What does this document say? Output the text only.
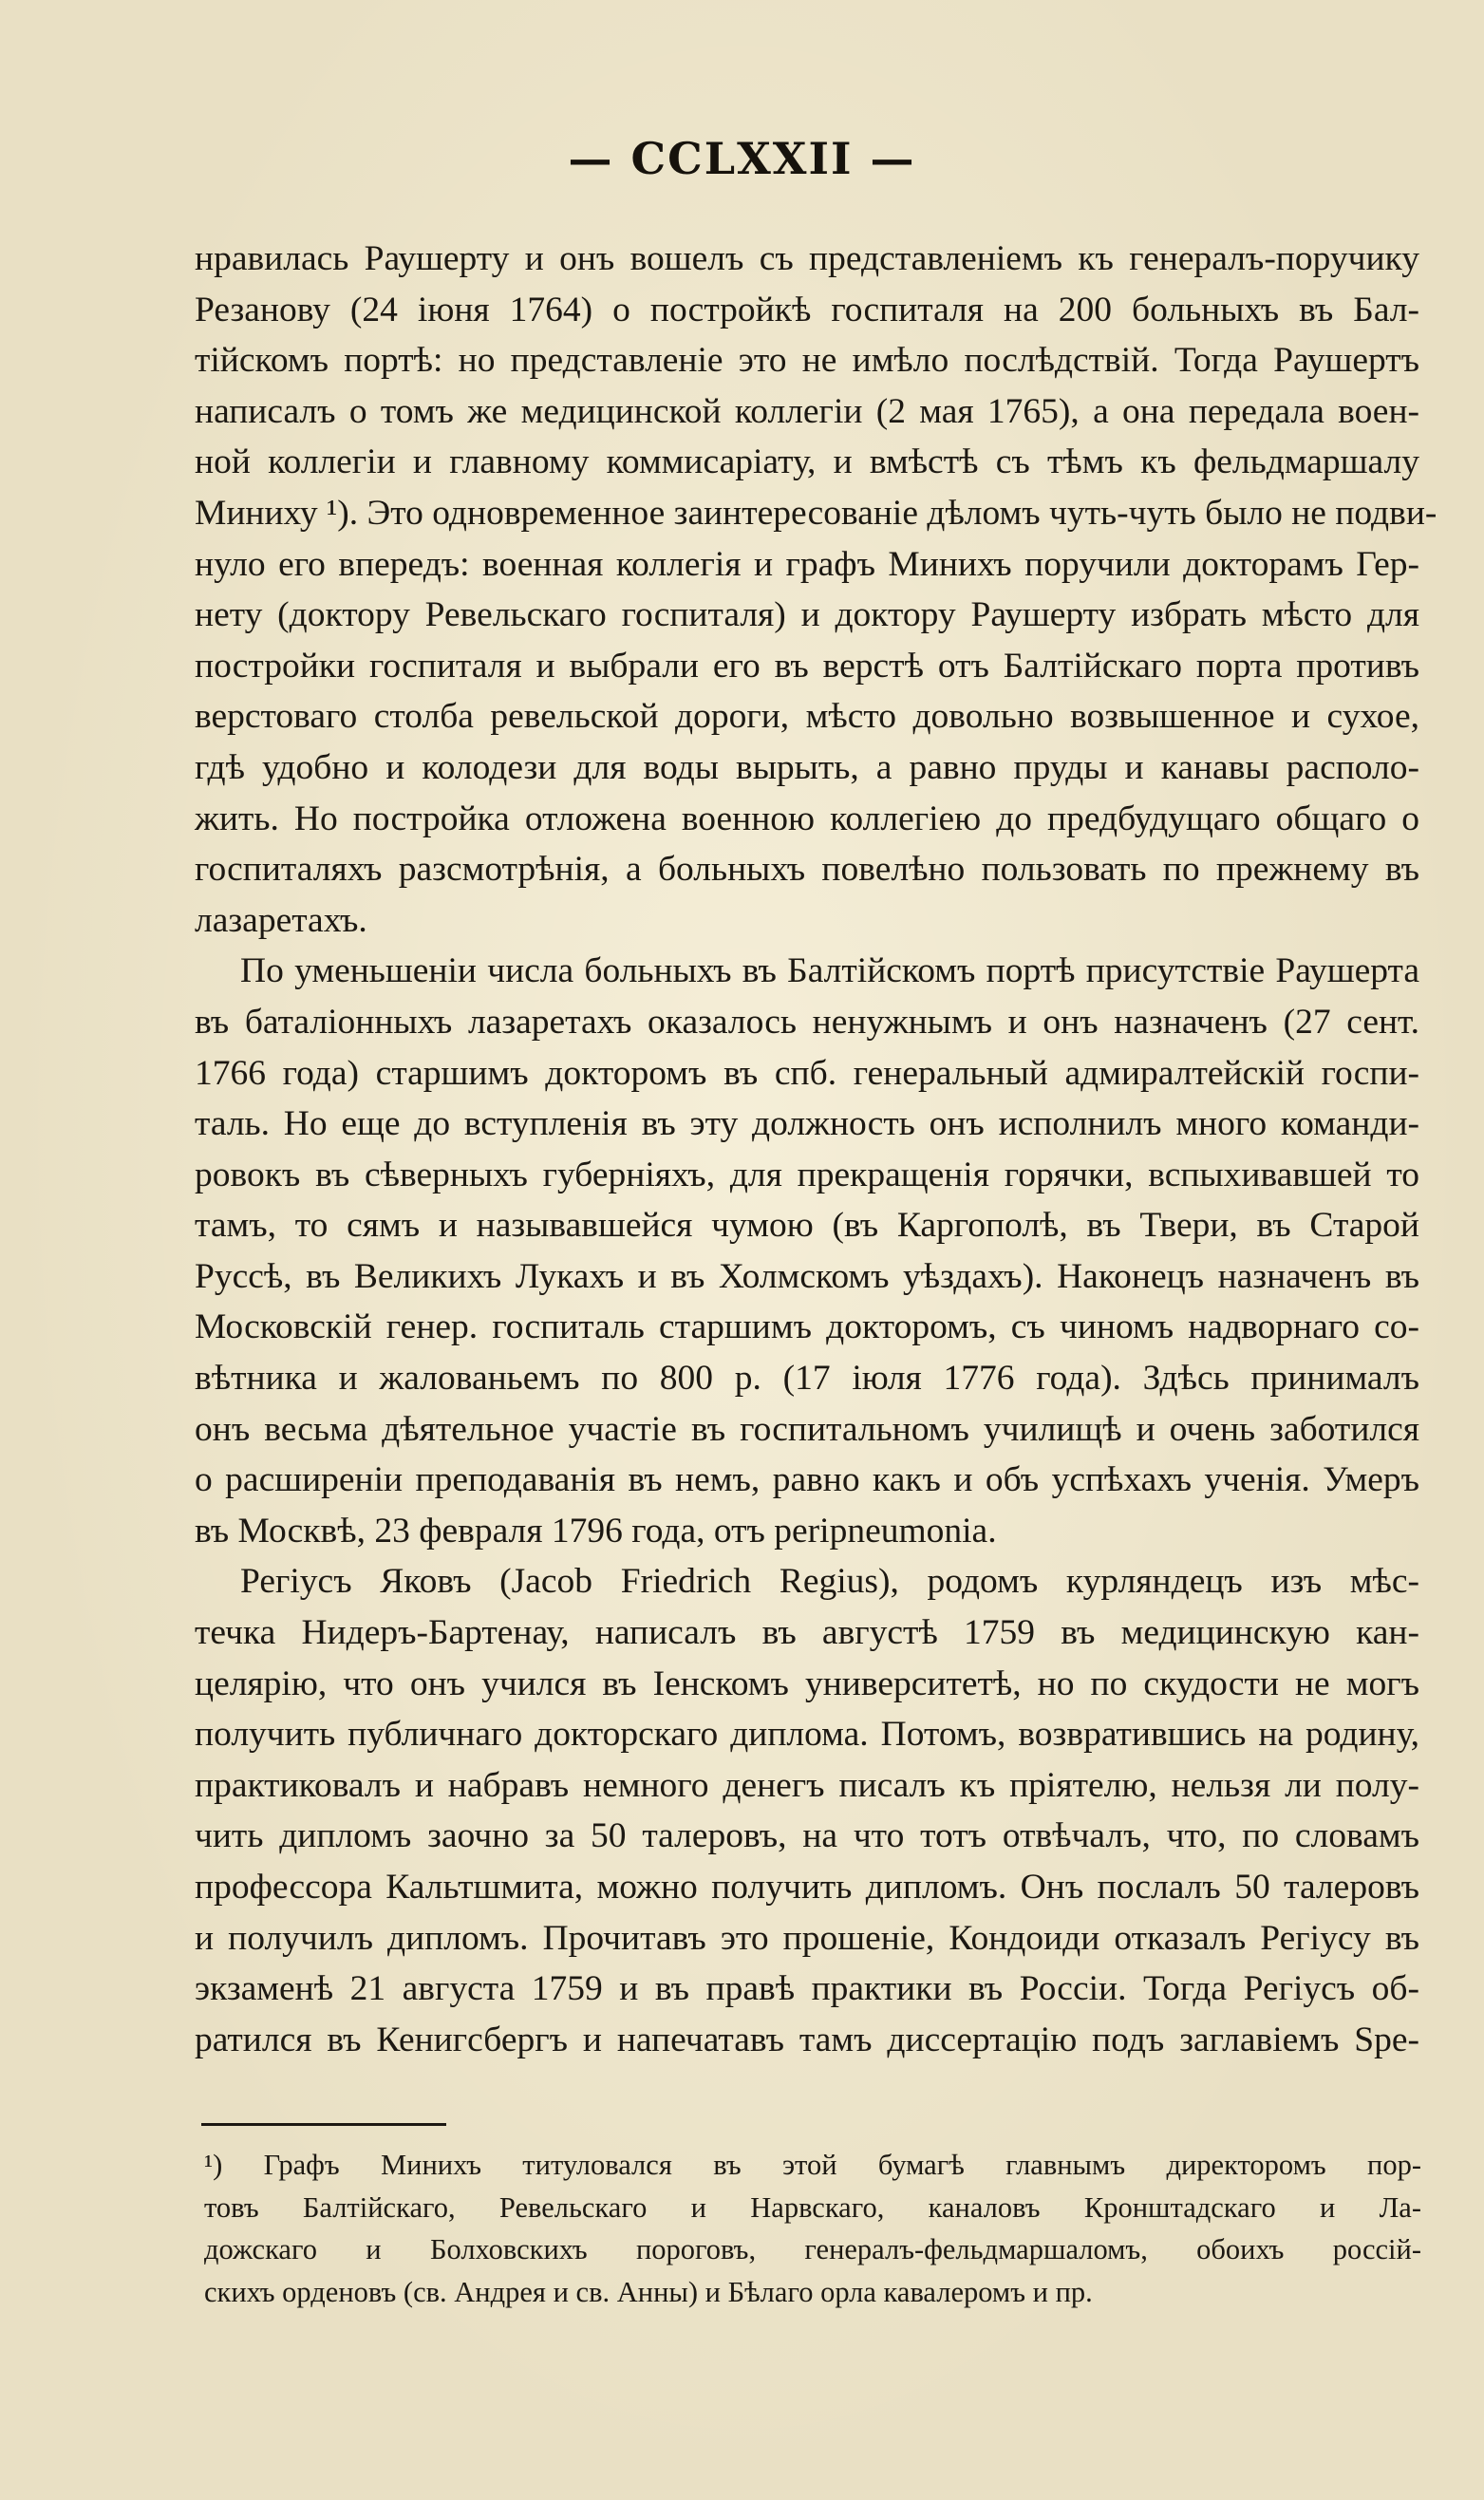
— CCLXXII —
нравилась Раушерту и онъ вошелъ съ представленіемъ къ генералъ-поручику
Резанову (24 іюня 1764) о постройкѣ госпиталя на 200 больныхъ въ Бал-
тійскомъ портѣ: но представленіе это не имѣло послѣдствій. Тогда Раушертъ
написалъ о томъ же медицинской коллегіи (2 мая 1765), а она передала воен-
ной коллегіи и главному коммисаріату, и вмѣстѣ съ тѣмъ къ фельдмаршалу
Миниху ¹). Это одновременное заинтересованіе дѣломъ чуть-чуть было не подви-
нуло его впередъ: военная коллегія и графъ Минихъ поручили докторамъ Гер-
нету (доктору Ревельскаго госпиталя) и доктору Раушерту избрать мѣсто для
постройки госпиталя и выбрали его въ верстѣ отъ Балтійскаго порта противъ
верстоваго столба ревельской дороги, мѣсто довольно возвышенное и сухое,
гдѣ удобно и колодези для воды вырыть, а равно пруды и канавы располо-
жить. Но постройка отложена военною коллегіею до предбудущаго общаго о
госпиталяхъ разсмотрѣнія, а больныхъ повелѣно пользовать по прежнему въ
лазаретахъ.
По уменьшеніи числа больныхъ въ Балтійскомъ портѣ присутствіе Раушерта
въ баталіонныхъ лазаретахъ оказалось ненужнымъ и онъ назначенъ (27 сент.
1766 года) старшимъ докторомъ въ спб. генеральный адмиралтейскій госпи-
таль. Но еще до вступленія въ эту должность онъ исполнилъ много команди-
ровокъ въ сѣверныхъ губерніяхъ, для прекращенія горячки, вспыхивавшей то
тамъ, то сямъ и называвшейся чумою (въ Каргополѣ, въ Твери, въ Старой
Руссѣ, въ Великихъ Лукахъ и въ Холмскомъ уѣздахъ). Наконецъ назначенъ въ
Московскій генер. госпиталь старшимъ докторомъ, съ чиномъ надворнаго со-
вѣтника и жалованьемъ по 800 р. (17 іюля 1776 года). Здѣсь принималъ
онъ весьма дѣятельное участіе въ госпитальномъ училищѣ и очень заботился
о расширеніи преподаванія въ немъ, равно какъ и объ успѣхахъ ученія. Умеръ
въ Москвѣ, 23 февраля 1796 года, отъ peripneumonia.
Регіусъ Яковъ (Jacob Friedrich Regius), родомъ курляндецъ изъ мѣс-
течка Нидеръ-Бартенау, написалъ въ августѣ 1759 въ медицинскую кан-
целярію, что онъ учился въ Іенскомъ университетѣ, но по скудости не могъ
получить публичнаго докторскаго диплома. Потомъ, возвратившись на родину,
практиковалъ и набравъ немного денегъ писалъ къ пріятелю, нельзя ли полу-
чить дипломъ заочно за 50 талеровъ, на что тотъ отвѣчалъ, что, по словамъ
профессора Кальтшмита, можно получить дипломъ. Онъ послалъ 50 талеровъ
и получилъ дипломъ. Прочитавъ это прошеніе, Кондоиди отказалъ Регіусу въ
экзаменѣ 21 августа 1759 и въ правѣ практики въ Россіи. Тогда Регіусъ об-
ратился въ Кенигсбергъ и напечатавъ тамъ диссертацію подъ заглавіемъ Spe-
¹) Графъ Минихъ титуловался въ этой бумагѣ главнымъ директоромъ пор-
товъ Балтійскаго, Ревельскаго и Нарвскаго, каналовъ Кронштадскаго и Ла-
дожскаго и Болховскихъ пороговъ, генералъ-фельдмаршаломъ, обоихъ россій-
скихъ орденовъ (св. Андрея и св. Анны) и Бѣлаго орла кавалеромъ и пр.
